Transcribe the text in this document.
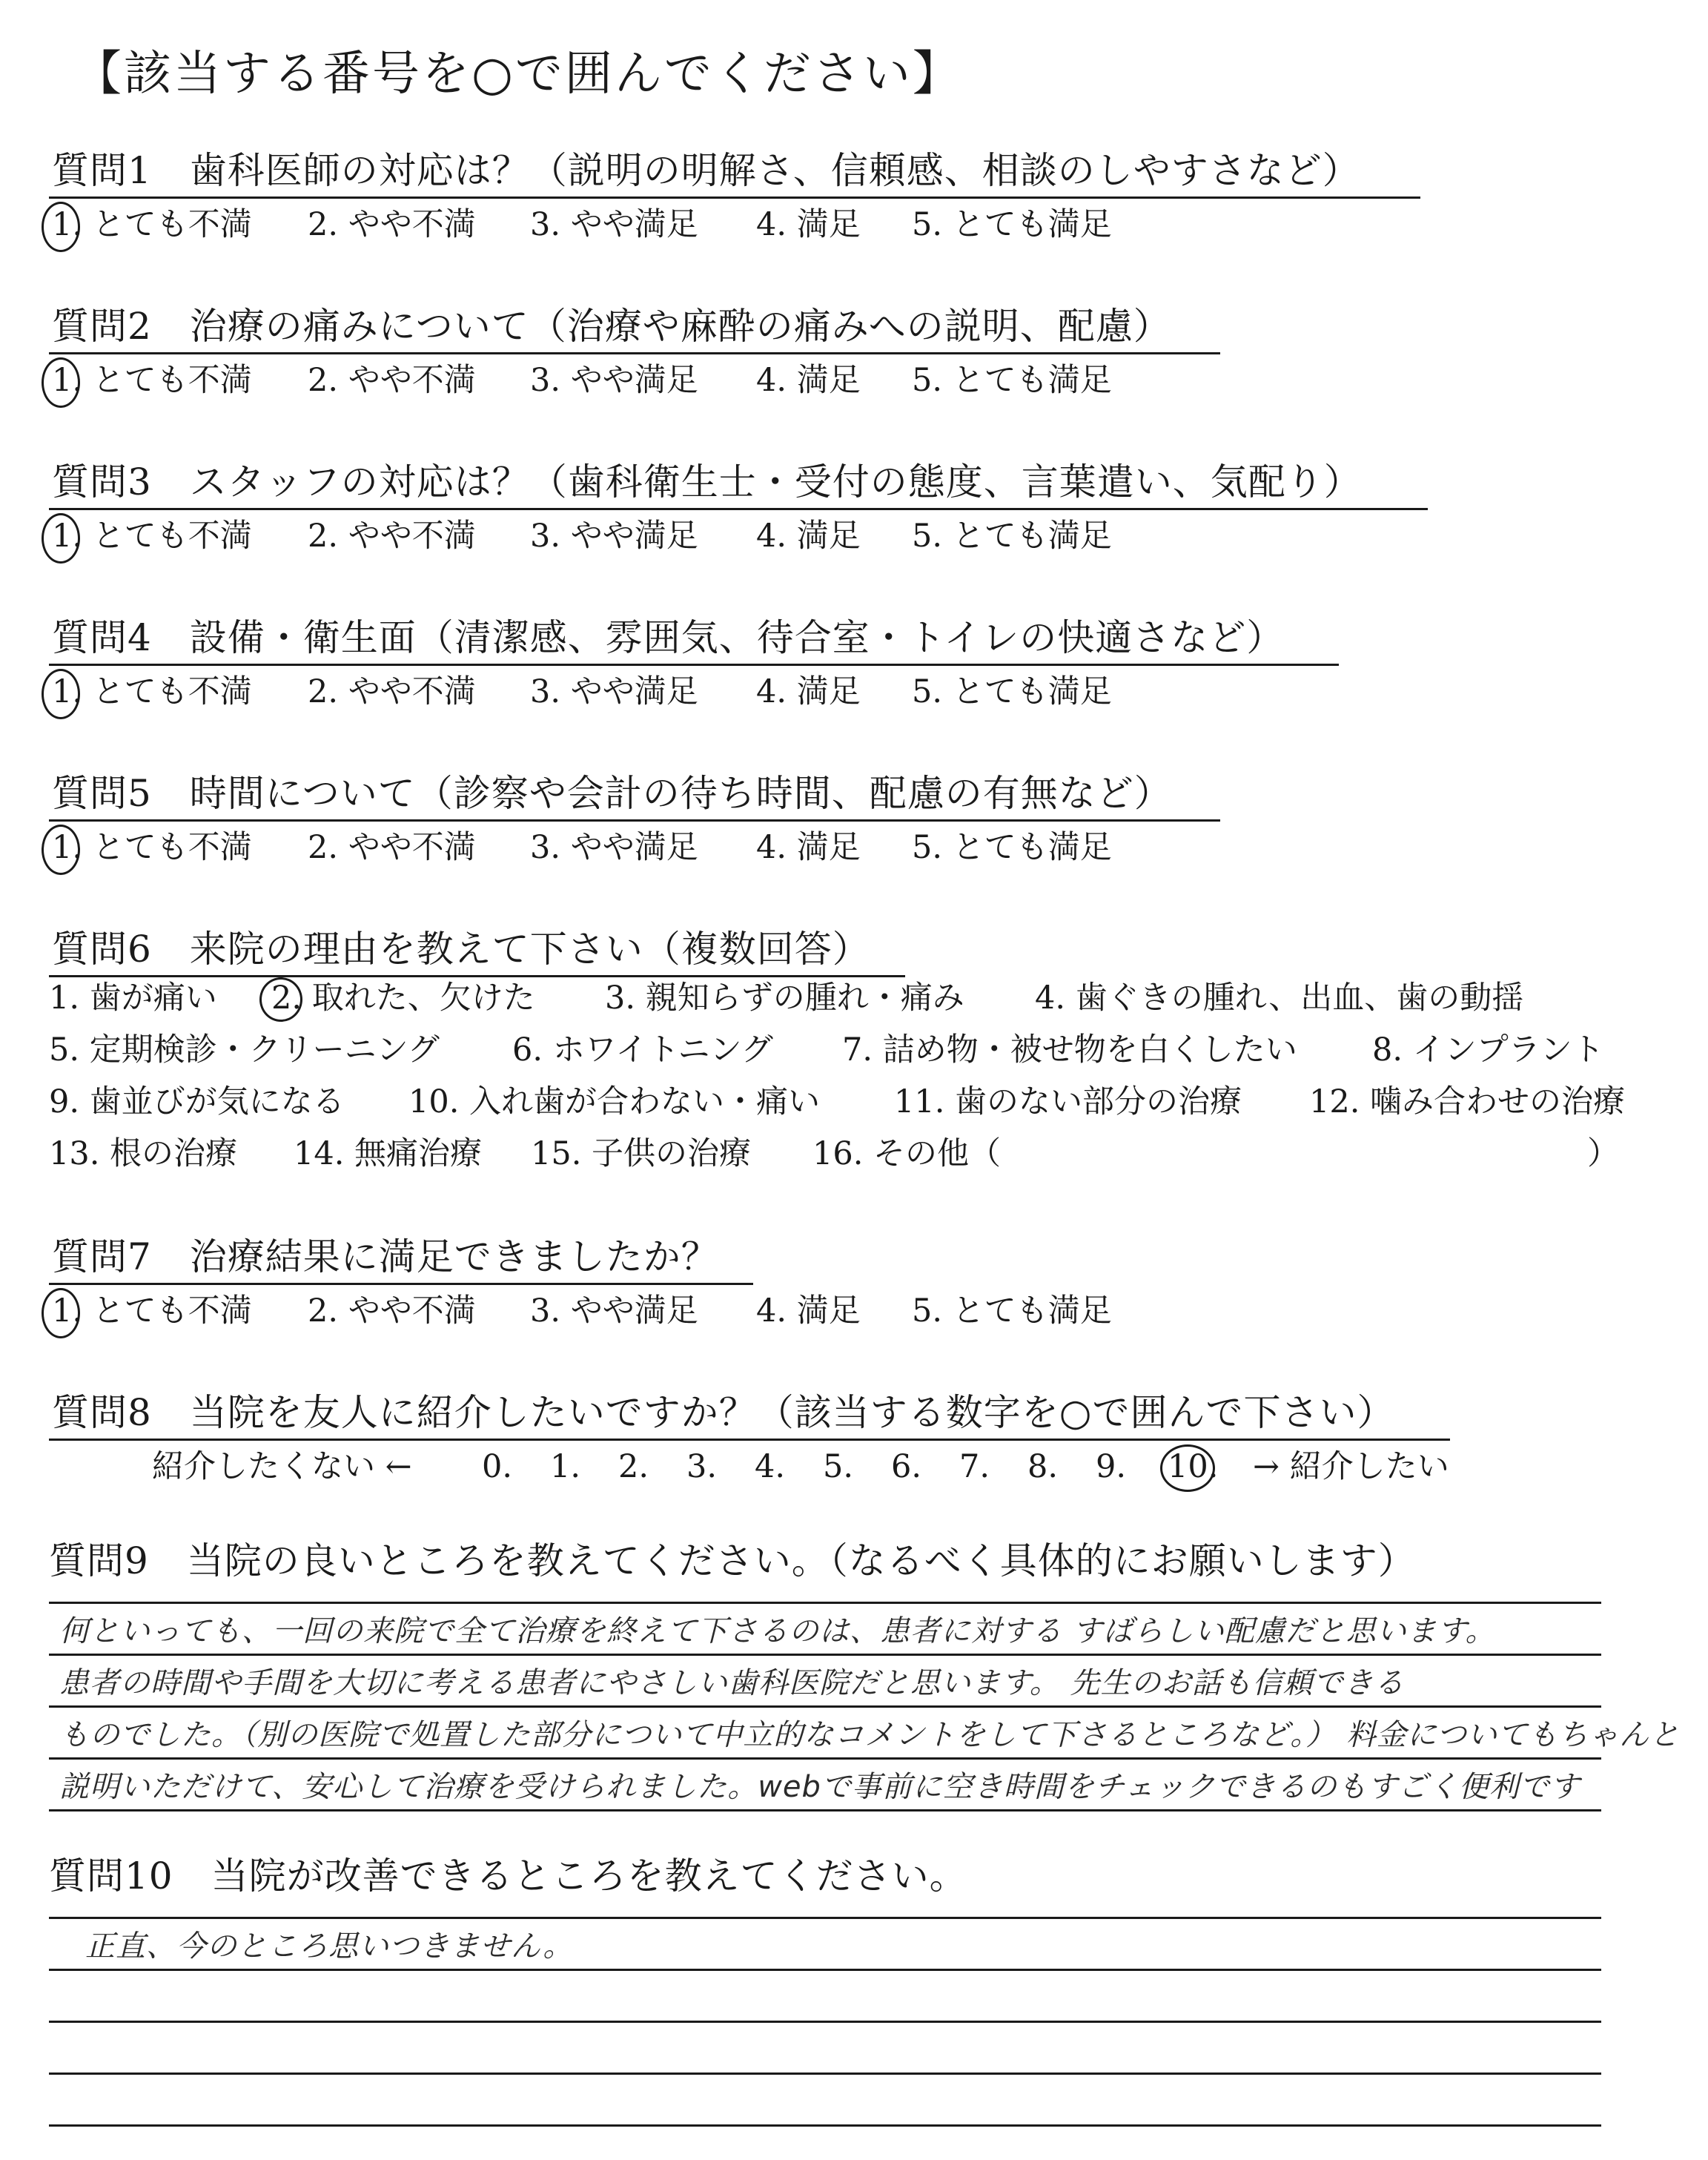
【該当する番号を○で囲んでください】
質問1　歯科医師の対応は？（説明の明解さ、信頼感、相談のしやすさなど）
1. とても不満 2. やや不満 3. やや満足 4. 満足 5. とても満足
質問2　治療の痛みについて（治療や麻酔の痛みへの説明、配慮）
1. とても不満 2. やや不満 3. やや満足 4. 満足 5. とても満足
質問3　スタッフの対応は？（歯科衛生士・受付の態度、言葉遣い、気配り）
1. とても不満 2. やや不満 3. やや満足 4. 満足 5. とても満足
質問4　設備・衛生面（清潔感、雰囲気、待合室・トイレの快適さなど）
1. とても不満 2. やや不満 3. やや満足 4. 満足 5. とても満足
質問5　時間について（診察や会計の待ち時間、配慮の有無など）
1. とても不満 2. やや不満 3. やや満足 4. 満足 5. とても満足
質問6　来院の理由を教えて下さい（複数回答）
1. 歯が痛い 2. 取れた、欠けた 3. 親知らずの腫れ・痛み 4. 歯ぐきの腫れ、出血、歯の動揺
5. 定期検診・クリーニング 6. ホワイトニング 7. 詰め物・被せ物を白くしたい 8. インプラント
9. 歯並びが気になる 10. 入れ歯が合わない・痛い 11. 歯のない部分の治療 12. 噛み合わせの治療
13. 根の治療 14. 無痛治療 15. 子供の治療 16. その他（	）
質問7　治療結果に満足できましたか？
1. とても不満 2. やや不満 3. やや満足 4. 満足 5. とても満足
質問8　当院を友人に紹介したいですか？（該当する数字を○で囲んで下さい）
紹介したくない ← 0. 1. 2. 3. 4. 5. 6. 7. 8. 9. 10. → 紹介したい
質問9　当院の良いところを教えてください。（なるべく具体的にお願いします）
何といっても、一回の来院で全て治療を終えて下さるのは、患者に対する すばらしい配慮だと思います。
患者の時間や手間を大切に考える患者にやさしい歯科医院だと思います。 先生のお話も信頼できる
ものでした。（別の医院で処置した部分について中立的なコメントをして下さるところなど。） 料金についてもちゃんと
説明いただけて、安心して治療を受けられました。webで事前に空き時間をチェックできるのもすごく便利です
質問10　当院が改善できるところを教えてください。
正直、今のところ思いつきません。
